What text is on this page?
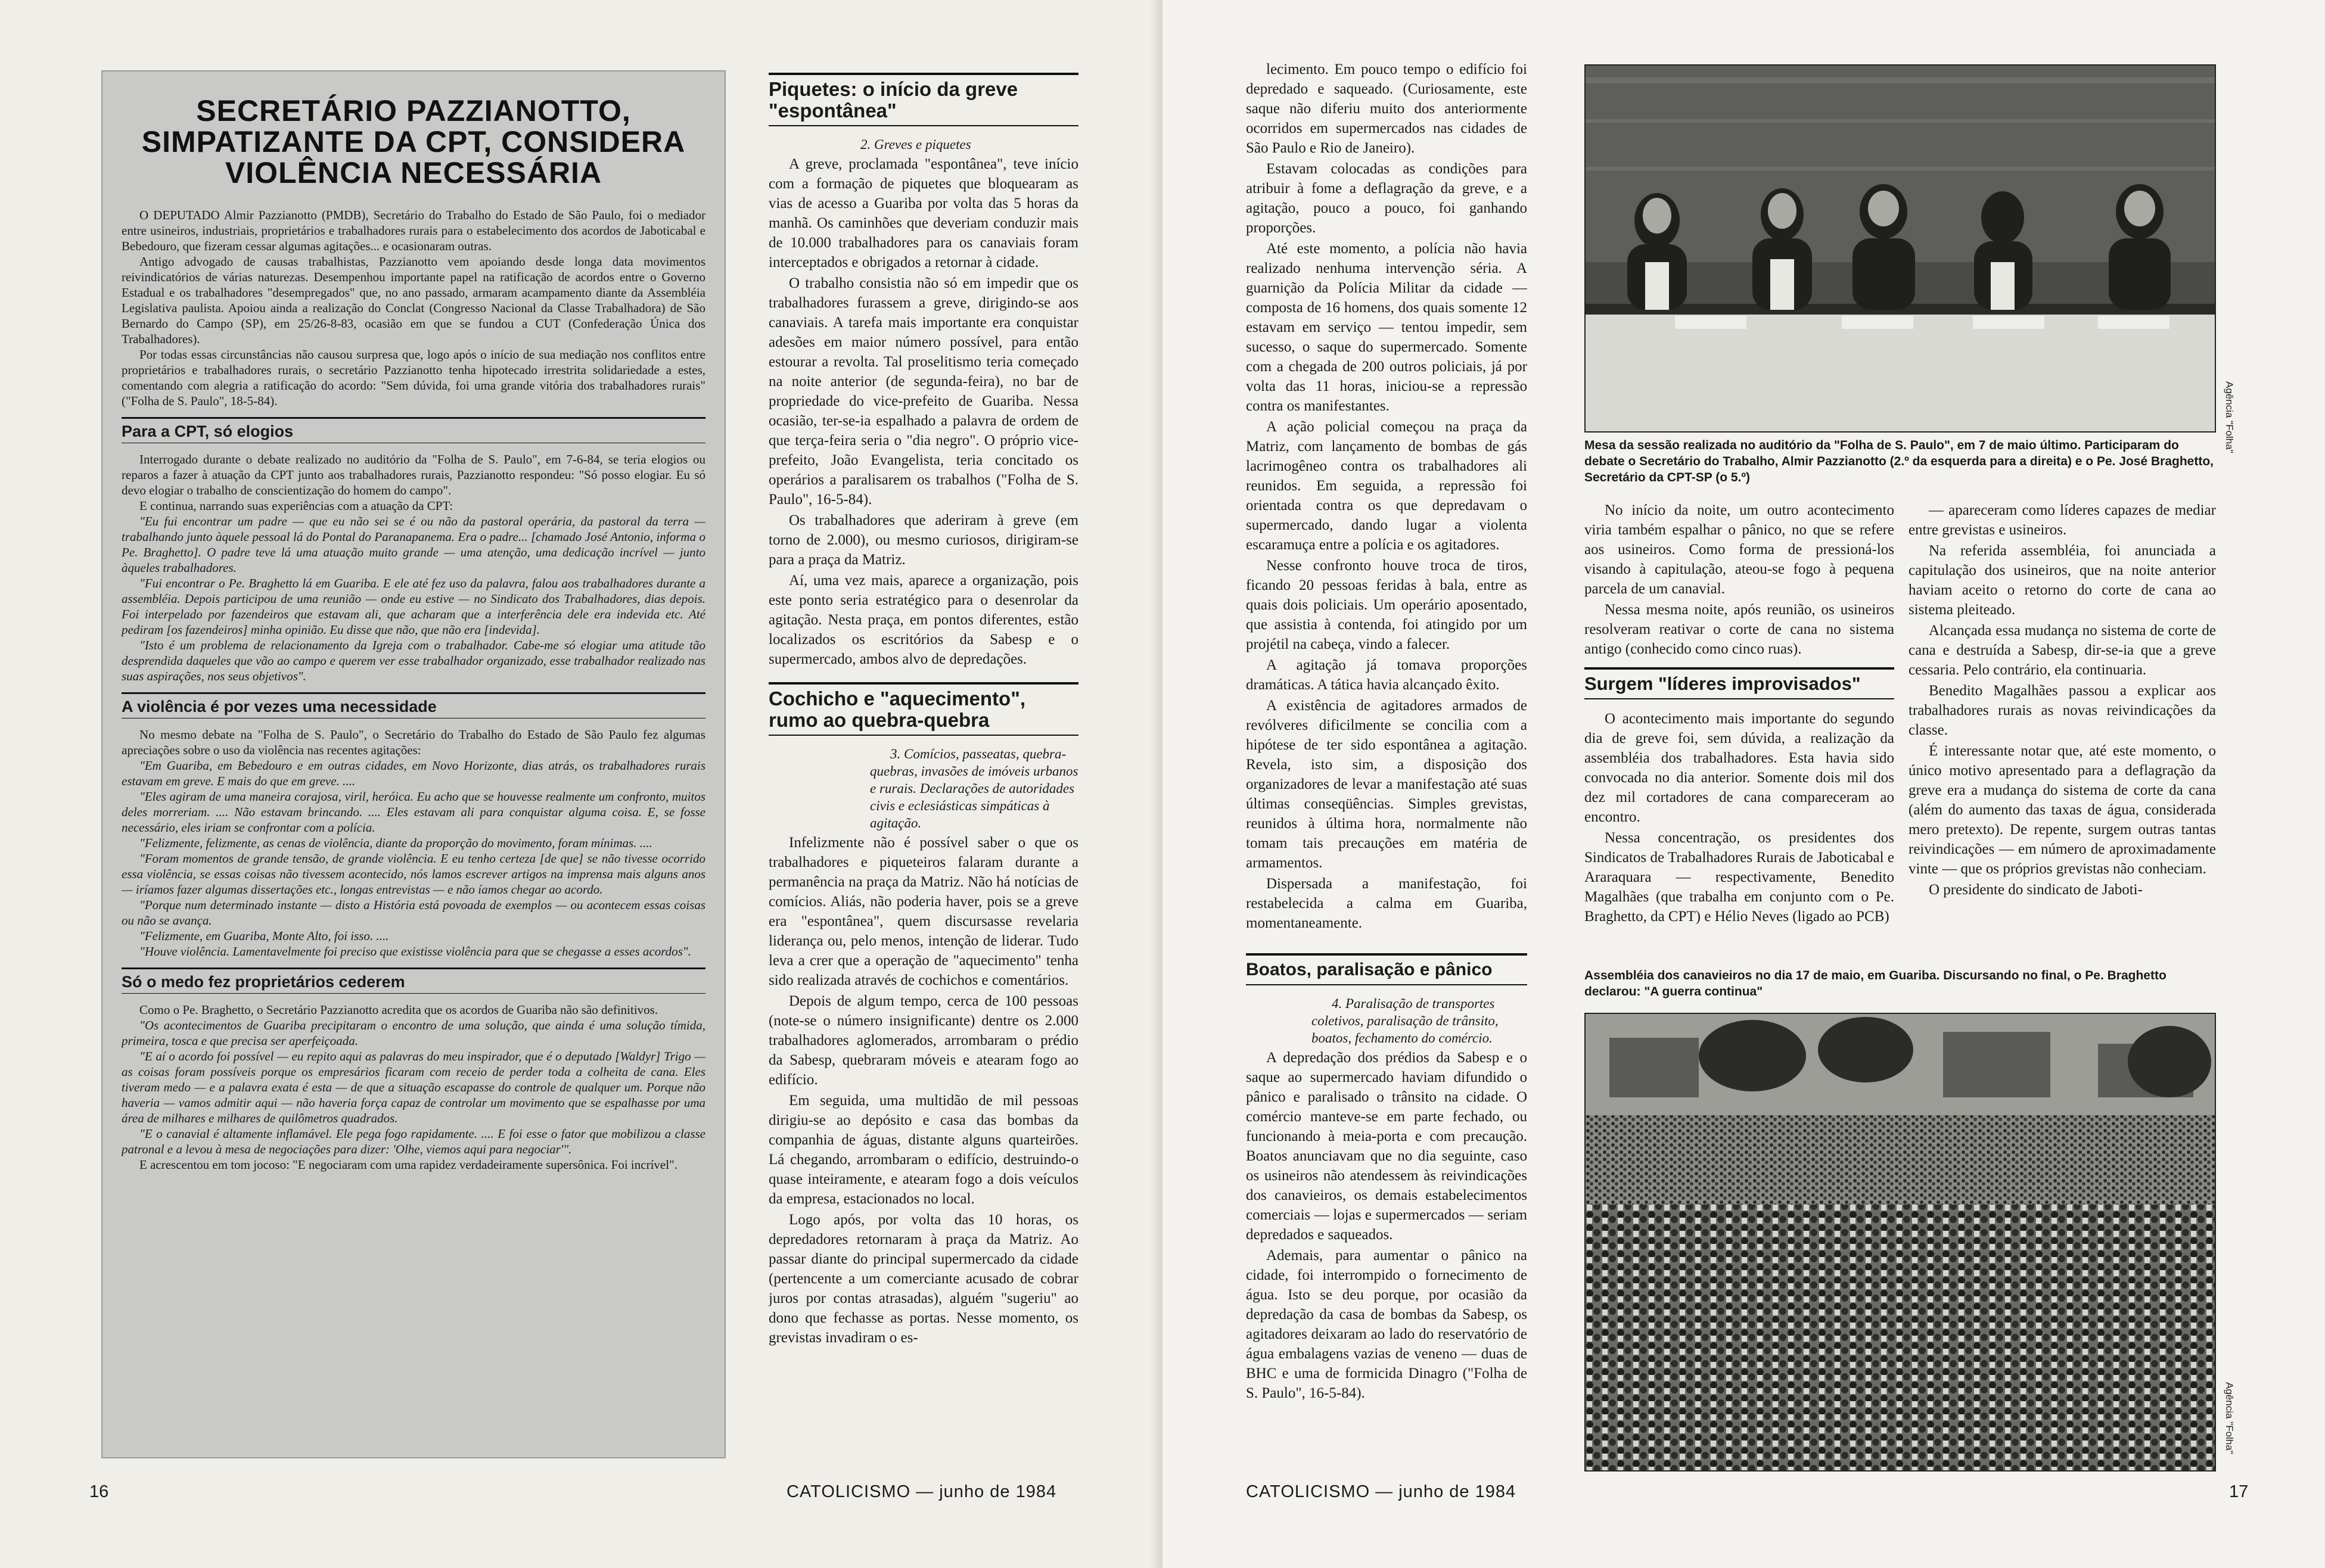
SECRETÁRIO PAZZIANOTTO, SIMPATIZANTE DA CPT, CONSIDERA VIOLÊNCIA NECESSÁRIA

O DEPUTADO Almir Pazzianotto (PMDB), Secretário do Trabalho do Estado de São Paulo, foi o mediador entre usineiros, industriais, proprietários e trabalhadores rurais para o estabelecimento dos acordos de Jaboticabal e Bebedouro, que fizeram cessar algumas agitações... e ocasionaram outras.

Antigo advogado de causas trabalhistas, Pazzianotto vem apoiando desde longa data movimentos reivindicatórios de várias naturezas. Desempenhou importante papel na ratificação de acordos entre o Governo Estadual e os trabalhadores "desempregados" que, no ano passado, armaram acampamento diante da Assembléia Legislativa paulista. Apoiou ainda a realização do Conclat (Congresso Nacional da Classe Trabalhadora) de São Bernardo do Campo (SP), em 25/26-8-83, ocasião em que se fundou a CUT (Confederação Única dos Trabalhadores).

Por todas essas circunstâncias não causou surpresa que, logo após o início de sua mediação nos conflitos entre proprietários e trabalhadores rurais, o secretário Pazzianotto tenha hipotecado irrestrita solidariedade a estes, comentando com alegria a ratificação do acordo: "Sem dúvida, foi uma grande vitória dos trabalhadores rurais" ("Folha de S. Paulo", 18-5-84).

Para a CPT, só elogios

Interrogado durante o debate realizado no auditório da "Folha de S. Paulo", em 7-6-84, se teria elogios ou reparos a fazer à atuação da CPT junto aos trabalhadores rurais, Pazzianotto respondeu: "Só posso elogiar. Eu só devo elogiar o trabalho de conscientização do homem do campo".

E continua, narrando suas experiências com a atuação da CPT:

"Eu fui encontrar um padre — que eu não sei se é ou não da pastoral operária, da pastoral da terra — trabalhando junto àquele pessoal lá do Pontal do Paranapanema. Era o padre... [chamado José Antonio, informa o Pe. Braghetto]. O padre teve lá uma atuação muito grande — uma atenção, uma dedicação incrível — junto àqueles trabalhadores.

"Fui encontrar o Pe. Braghetto lá em Guariba. E ele até fez uso da palavra, falou aos trabalhadores durante a assembléia. Depois participou de uma reunião — onde eu estive — no Sindicato dos Trabalhadores, dias depois. Foi interpelado por fazendeiros que estavam ali, que acharam que a interferência dele era indevida etc. Até pediram [os fazendeiros] minha opinião. Eu disse que não, que não era [indevida].

"Isto é um problema de relacionamento da Igreja com o trabalhador. Cabe-me só elogiar uma atitude tão desprendida daqueles que vão ao campo e querem ver esse trabalhador organizado, esse trabalhador realizado nas suas aspirações, nos seus objetivos".

A violência é por vezes uma necessidade

No mesmo debate na "Folha de S. Paulo", o Secretário do Trabalho do Estado de São Paulo fez algumas apreciações sobre o uso da violência nas recentes agitações:

"Em Guariba, em Bebedouro e em outras cidades, em Novo Horizonte, dias atrás, os trabalhadores rurais estavam em greve. E mais do que em greve. ....

"Eles agiram de uma maneira corajosa, viril, heróica. Eu acho que se houvesse realmente um confronto, muitos deles morreriam. .... Não estavam brincando. .... Eles estavam ali para conquistar alguma coisa. E, se fosse necessário, eles iriam se confrontar com a polícia.

"Felizmente, felizmente, as cenas de violência, diante da proporção do movimento, foram mínimas. ....

"Foram momentos de grande tensão, de grande violência. E eu tenho certeza [de que] se não tivesse ocorrido essa violência, se essas coisas não tivessem acontecido, nós lamos escrever artigos na imprensa mais alguns anos — iríamos fazer algumas dissertações etc., longas entrevistas — e não íamos chegar ao acordo.

"Porque num determinado instante — disto a História está povoada de exemplos — ou acontecem essas coisas ou não se avança.

"Felizmente, em Guariba, Monte Alto, foi isso. ....

"Houve violência. Lamentavelmente foi preciso que existisse violência para que se chegasse a esses acordos".

Só o medo fez proprietários cederem

Como o Pe. Braghetto, o Secretário Pazzianotto acredita que os acordos de Guariba não são definitivos.

"Os acontecimentos de Guariba precipitaram o encontro de uma solução, que ainda é uma solução tímida, primeira, tosca e que precisa ser aperfeiçoada.

"E aí o acordo foi possível — eu repito aqui as palavras do meu inspirador, que é o deputado [Waldyr] Trigo — as coisas foram possíveis porque os empresários ficaram com receio de perder toda a colheita de cana. Eles tiveram medo — e a palavra exata é esta — de que a situação escapasse do controle de qualquer um. Porque não haveria — vamos admitir aqui — não haveria força capaz de controlar um movimento que se espalhasse por uma área de milhares e milhares de quilômetros quadrados.

"E o canavial é altamente inflamável. Ele pega fogo rapidamente. .... E foi esse o fator que mobilizou a classe patronal e a levou à mesa de negociações para dizer: 'Olhe, viemos aqui para negociar'".

E acrescentou em tom jocoso: "E negociaram com uma rapidez verdadeiramente supersônica. Foi incrível".

Piquetes: o início da greve "espontânea"

2. Greves e piquetes

A greve, proclamada "espontânea", teve início com a formação de piquetes que bloquearam as vias de acesso a Guariba por volta das 5 horas da manhã. Os caminhões que deveriam conduzir mais de 10.000 trabalhadores para os canaviais foram interceptados e obrigados a retornar à cidade.

O trabalho consistia não só em impedir que os trabalhadores furassem a greve, dirigindo-se aos canaviais. A tarefa mais importante era conquistar adesões em maior número possível, para então estourar a revolta. Tal proselitismo teria começado na noite anterior (de segunda-feira), no bar de propriedade do vice-prefeito de Guariba. Nessa ocasião, ter-se-ia espalhado a palavra de ordem de que terça-feira seria o "dia negro". O próprio vice-prefeito, João Evangelista, teria concitado os operários a paralisarem os trabalhos ("Folha de S. Paulo", 16-5-84).

Os trabalhadores que aderiram à greve (em torno de 2.000), ou mesmo curiosos, dirigiram-se para a praça da Matriz.

Aí, uma vez mais, aparece a organização, pois este ponto seria estratégico para o desenrolar da agitação. Nesta praça, em pontos diferentes, estão localizados os escritórios da Sabesp e o supermercado, ambos alvo de depredações.

Cochicho e "aquecimento", rumo ao quebra-quebra

3. Comícios, passeatas, quebra-quebras, invasões de imóveis urbanos e rurais. Declarações de autoridades civis e eclesiásticas simpáticas à agitação.

Infelizmente não é possível saber o que os trabalhadores e piqueteiros falaram durante a permanência na praça da Matriz. Não há notícias de comícios. Aliás, não poderia haver, pois se a greve era "espontânea", quem discursasse revelaria liderança ou, pelo menos, intenção de liderar. Tudo leva a crer que a operação de "aquecimento" tenha sido realizada através de cochichos e comentários.

Depois de algum tempo, cerca de 100 pessoas (note-se o número insignificante) dentre os 2.000 trabalhadores aglomerados, arrombaram o prédio da Sabesp, quebraram móveis e atearam fogo ao edifício.

Em seguida, uma multidão de mil pessoas dirigiu-se ao depósito e casa das bombas da companhia de águas, distante alguns quarteirões. Lá chegando, arrombaram o edifício, destruindo-o quase inteiramente, e atearam fogo a dois veículos da empresa, estacionados no local.

Logo após, por volta das 10 horas, os depredadores retornaram à praça da Matriz. Ao passar diante do principal supermercado da cidade (pertencente a um comerciante acusado de cobrar juros por contas atrasadas), alguém "sugeriu" ao dono que fechasse as portas. Nesse momento, os grevistas invadiram o es-

16	CATOLICISMO — junho de 1984

lecimento. Em pouco tempo o edifício foi depredado e saqueado. (Curiosamente, este saque não diferiu muito dos anteriormente ocorridos em supermercados nas cidades de São Paulo e Rio de Janeiro).

Estavam colocadas as condições para atribuir à fome a deflagração da greve, e a agitação, pouco a pouco, foi ganhando proporções.

Até este momento, a polícia não havia realizado nenhuma intervenção séria. A guarnição da Polícia Militar da cidade — composta de 16 homens, dos quais somente 12 estavam em serviço — tentou impedir, sem sucesso, o saque do supermercado. Somente com a chegada de 200 outros policiais, já por volta das 11 horas, iniciou-se a repressão contra os manifestantes.

A ação policial começou na praça da Matriz, com lançamento de bombas de gás lacrimogêneo contra os trabalhadores ali reunidos. Em seguida, a repressão foi orientada contra os que depredavam o supermercado, dando lugar a violenta escaramuça entre a polícia e os agitadores.

Nesse confronto houve troca de tiros, ficando 20 pessoas feridas à bala, entre as quais dois policiais. Um operário aposentado, que assistia à contenda, foi atingido por um projétil na cabeça, vindo a falecer.

A agitação já tomava proporções dramáticas. A tática havia alcançado êxito.

A existência de agitadores armados de revólveres dificilmente se concilia com a hipótese de ter sido espontânea a agitação. Revela, isto sim, a disposição dos organizadores de levar a manifestação até suas últimas conseqüências. Simples grevistas, reunidos à última hora, normalmente não tomam tais precauções em matéria de armamentos.

Dispersada a manifestação, foi restabelecida a calma em Guariba, momentaneamente.

Boatos, paralisação e pânico

4. Paralisação de transportes coletivos, paralisação de trânsito, boatos, fechamento do comércio.

A depredação dos prédios da Sabesp e o saque ao supermercado haviam difundido o pânico e paralisado o trânsito na cidade. O comércio manteve-se em parte fechado, ou funcionando à meia-porta e com precaução. Boatos anunciavam que no dia seguinte, caso os usineiros não atendessem às reivindicações dos canavieiros, os demais estabelecimentos comerciais — lojas e supermercados — seriam depredados e saqueados.

Ademais, para aumentar o pânico na cidade, foi interrompido o fornecimento de água. Isto se deu porque, por ocasião da depredação da casa de bombas da Sabesp, os agitadores deixaram ao lado do reservatório de água embalagens vazias de veneno — duas de BHC e uma de formicida Dinagro ("Folha de S. Paulo", 16-5-84).

Agência "Folha"
Mesa da sessão realizada no auditório da "Folha de S. Paulo", em 7 de maio último. Participaram do debate o Secretário do Trabalho, Almir Pazzianotto (2.º da esquerda para a direita) e o Pe. José Braghetto, Secretário da CPT-SP (o 5.º)

No início da noite, um outro acontecimento viria também espalhar o pânico, no que se refere aos usineiros. Como forma de pressioná-los visando à capitulação, ateou-se fogo à pequena parcela de um canavial.

Nessa mesma noite, após reunião, os usineiros resolveram reativar o corte de cana no sistema antigo (conhecido como cinco ruas).

Surgem "líderes improvisados"

O acontecimento mais importante do segundo dia de greve foi, sem dúvida, a realização da assembléia dos trabalhadores. Esta havia sido convocada no dia anterior. Somente dois mil dos dez mil cortadores de cana compareceram ao encontro.

Nessa concentração, os presidentes dos Sindicatos de Trabalhadores Rurais de Jaboticabal e Araraquara — respectivamente, Benedito Magalhães (que trabalha em conjunto com o Pe. Braghetto, da CPT) e Hélio Neves (ligado ao PCB)

— apareceram como líderes capazes de mediar entre grevistas e usineiros.

Na referida assembléia, foi anunciada a capitulação dos usineiros, que na noite anterior haviam aceito o retorno do corte de cana ao sistema pleiteado.

Alcançada essa mudança no sistema de corte de cana e destruída a Sabesp, dir-se-ia que a greve cessaria. Pelo contrário, ela continuaria.

Benedito Magalhães passou a explicar aos trabalhadores rurais as novas reivindicações da classe.

É interessante notar que, até este momento, o único motivo apresentado para a deflagração da greve era a mudança do sistema de corte da cana (além do aumento das taxas de água, considerada mero pretexto). De repente, surgem outras tantas reivindicações — em número de aproximadamente vinte — que os próprios grevistas não conheciam.

O presidente do sindicato de Jaboti-

Assembléia dos canavieiros no dia 17 de maio, em Guariba. Discursando no final, o Pe. Braghetto declarou: "A guerra continua"
Agência "Folha"
CATOLICISMO — junho de 1984	17
